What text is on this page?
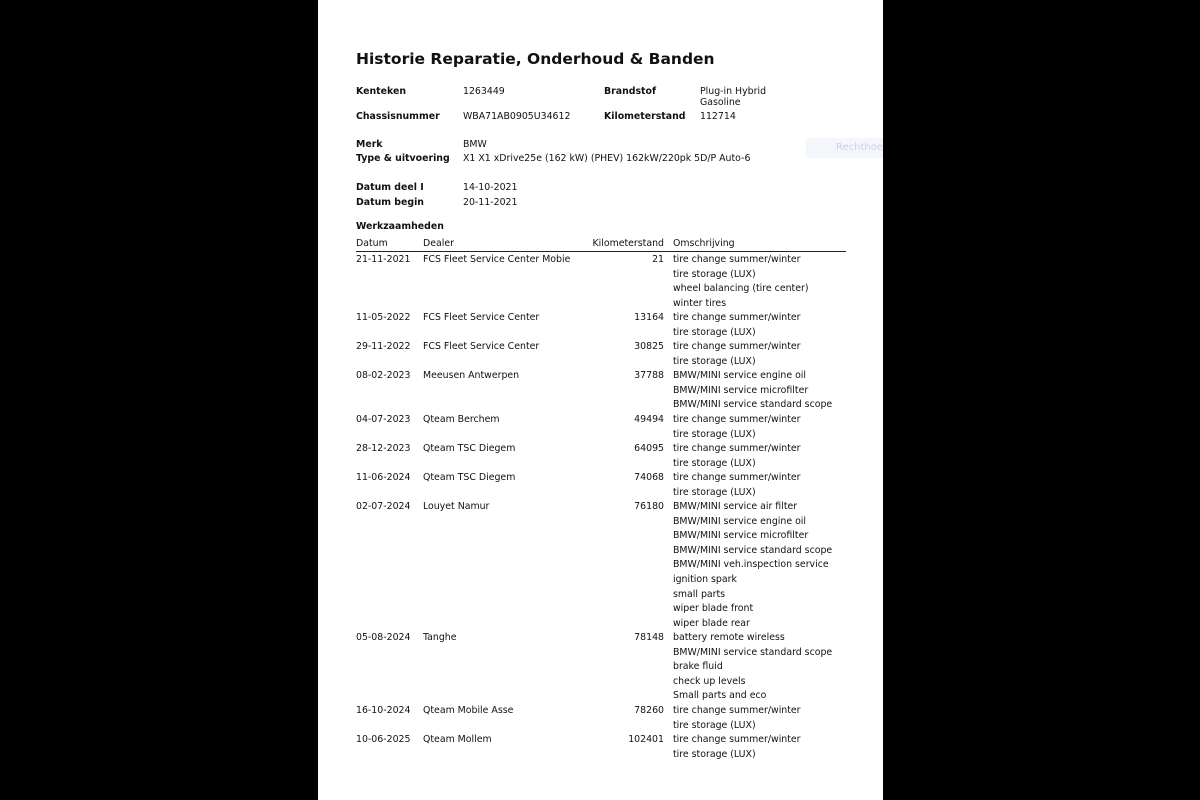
Historie Reparatie, Onderhoud & Banden
Kenteken	1263449	Brandstof	Plug-in Hybrid
Gasoline
Chassisnummer WBA71AB0905U34612	Kilometerstand 112714
Merk	BMW
Type & uitvoering X1 X1 xDrive25e (162 kW) (PHEV) 162kW/220pk 5D/P Auto-6
Rechthoe
Datum deel I	14-10-2021
Datum begin	20-11-2021
Werkzaamheden
Datum	Dealer	Kilometerstand Omschrijving
21-11-2021 FCS Fleet Service Center Mobie	21 tire change summer/winter
tire storage (LUX)
wheel balancing (tire center)
winter tires
11-05-2022 FCS Fleet Service Center	13164 tire change summer/winter
tire storage (LUX)
29-11-2022 FCS Fleet Service Center	30825 tire change summer/winter
tire storage (LUX)
08-02-2023 Meeusen Antwerpen	37788 BMW/MINI service engine oil
BMW/MINI service microfilter
BMW/MINI service standard scope
04-07-2023 Qteam Berchem	49494 tire change summer/winter
tire storage (LUX)
28-12-2023 Qteam TSC Diegem	64095 tire change summer/winter
tire storage (LUX)
11-06-2024 Qteam TSC Diegem	74068 tire change summer/winter
tire storage (LUX)
02-07-2024 Louyet Namur	76180 BMW/MINI service air filter
BMW/MINI service engine oil
BMW/MINI service microfilter
BMW/MINI service standard scope
BMW/MINI veh.inspection service
ignition spark
small parts
wiper blade front
wiper blade rear
05-08-2024 Tanghe	78148 battery remote wireless
BMW/MINI service standard scope
brake fluid
check up levels
Small parts and eco
16-10-2024 Qteam Mobile Asse	78260 tire change summer/winter
tire storage (LUX)
10-06-2025 Qteam Mollem	102401 tire change summer/winter
tire storage (LUX)
